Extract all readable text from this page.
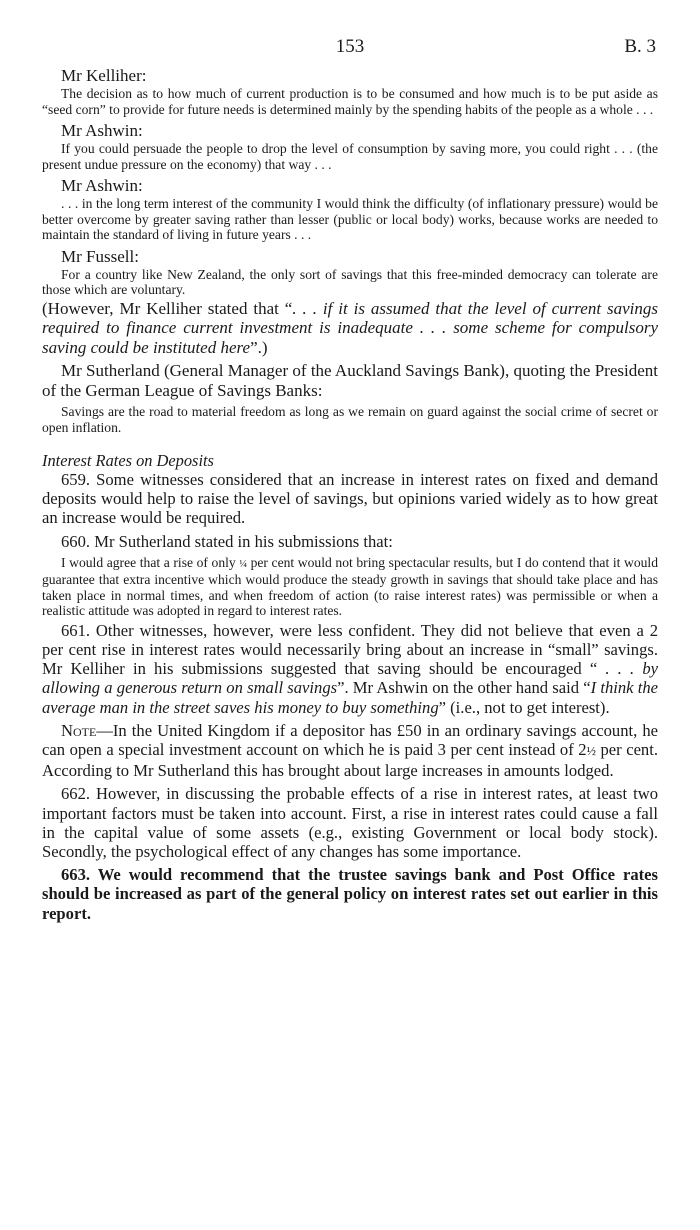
153	B. 3

Mr Kelliher:

The decision as to how much of current production is to be consumed and how much is to be put aside as “seed corn” to provide for future needs is determined mainly by the spending habits of the people as a whole . . .

Mr Ashwin:

If you could persuade the people to drop the level of consumption by saving more, you could right . . . (the present undue pressure on the economy) that way . . .

Mr Ashwin:

. . . in the long term interest of the community I would think the difficulty (of inflationary pressure) would be better overcome by greater saving rather than lesser (public or local body) works, because works are needed to maintain the standard of living in future years . . .

Mr Fussell:

For a country like New Zealand, the only sort of savings that this free-minded democracy can tolerate are those which are voluntary.

(However, Mr Kelliher stated that “. . . if it is assumed that the level of current savings required to finance current investment is inadequate . . . some scheme for compulsory saving could be instituted here”.)

Mr Sutherland (General Manager of the Auckland Savings Bank), quoting the President of the German League of Savings Banks:

Savings are the road to material freedom as long as we remain on guard against the social crime of secret or open inflation.

Interest Rates on Deposits

659. Some witnesses considered that an increase in interest rates on fixed and demand deposits would help to raise the level of savings, but opinions varied widely as to how great an increase would be required.

660. Mr Sutherland stated in his submissions that:

I would agree that a rise of only ¼ per cent would not bring spectacular results, but I do contend that it would guarantee that extra incentive which would produce the steady growth in savings that should take place and has taken place in normal times, and when freedom of action (to raise interest rates) was permissible or when a realistic attitude was adopted in regard to interest rates.

661. Other witnesses, however, were less confident. They did not believe that even a 2 per cent rise in interest rates would necessarily bring about an increase in “small” savings. Mr Kelliher in his submissions suggested that saving should be encouraged “ . . . by allowing a generous return on small savings”. Mr Ashwin on the other hand said “I think the average man in the street saves his money to buy something” (i.e., not to get interest).

Note—In the United Kingdom if a depositor has £50 in an ordinary savings account, he can open a special investment account on which he is paid 3 per cent instead of 2½ per cent. According to Mr Sutherland this has brought about large increases in amounts lodged.

662. However, in discussing the probable effects of a rise in interest rates, at least two important factors must be taken into account. First, a rise in interest rates could cause a fall in the capital value of some assets (e.g., existing Government or local body stock). Secondly, the psychological effect of any changes has some importance.

663. We would recommend that the trustee savings bank and Post Office rates should be increased as part of the general policy on interest rates set out earlier in this report.
